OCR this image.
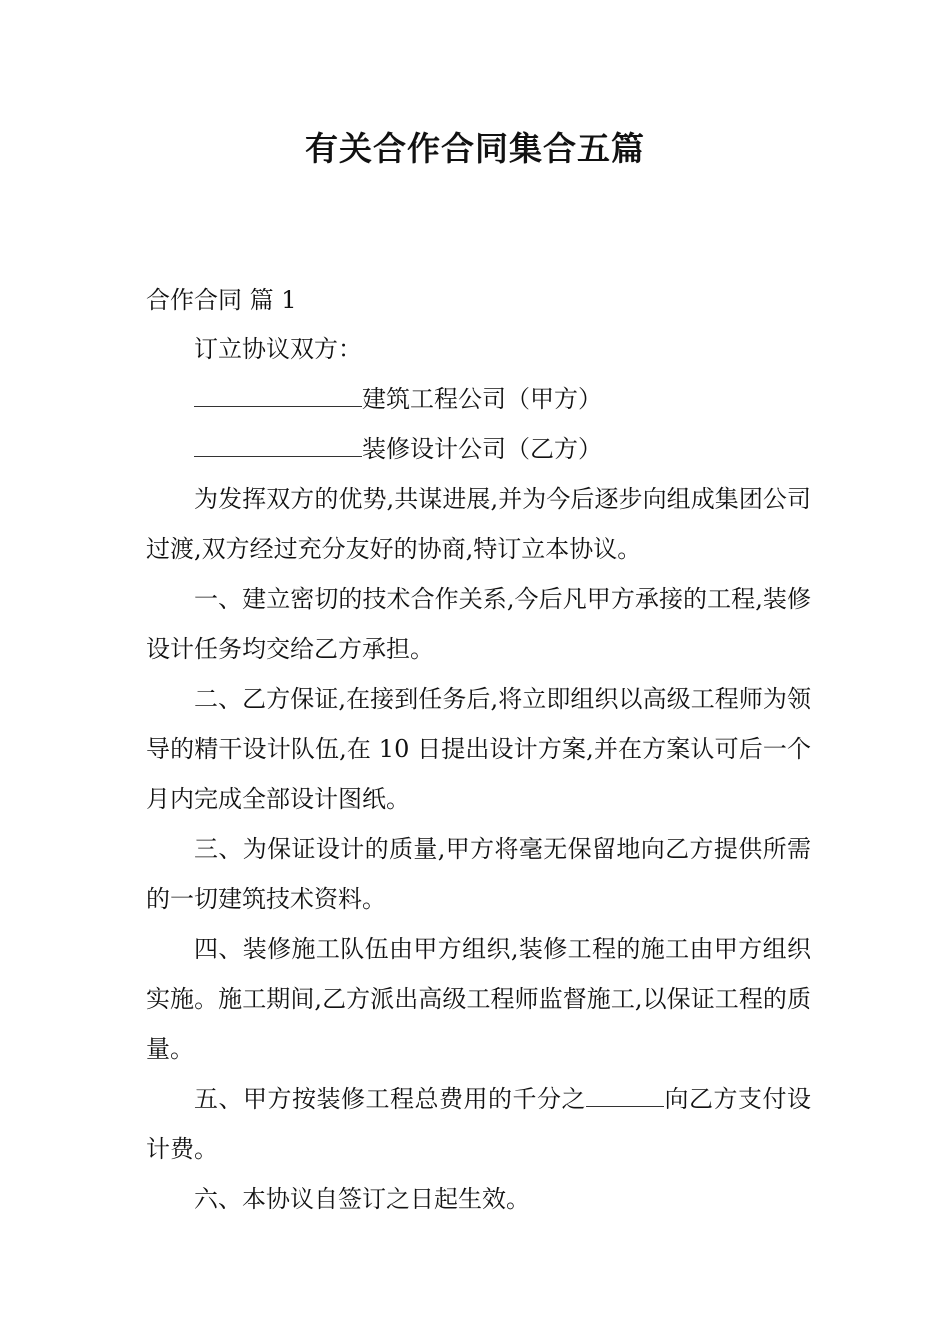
有关合作合同集合五篇

合作合同 篇 1

订立协议双方：

建筑工程公司（甲方）

装修设计公司（乙方）

为发挥双方的优势,共谋进展,并为今后逐步向组成集团公司过渡,双方经过充分友好的协商,特订立本协议。

一、建立密切的技术合作关系,今后凡甲方承接的工程,装修设计任务均交给乙方承担。

二、乙方保证,在接到任务后,将立即组织以高级工程师为领导的精干设计队伍,在 10 日提出设计方案,并在方案认可后一个月内完成全部设计图纸。

三、为保证设计的质量,甲方将毫无保留地向乙方提供所需的一切建筑技术资料。

四、装修施工队伍由甲方组织,装修工程的施工由甲方组织实施。施工期间,乙方派出高级工程师监督施工,以保证工程的质量。

五、甲方按装修工程总费用的千分之	向乙方支付设计费。

六、本协议自签订之日起生效。
